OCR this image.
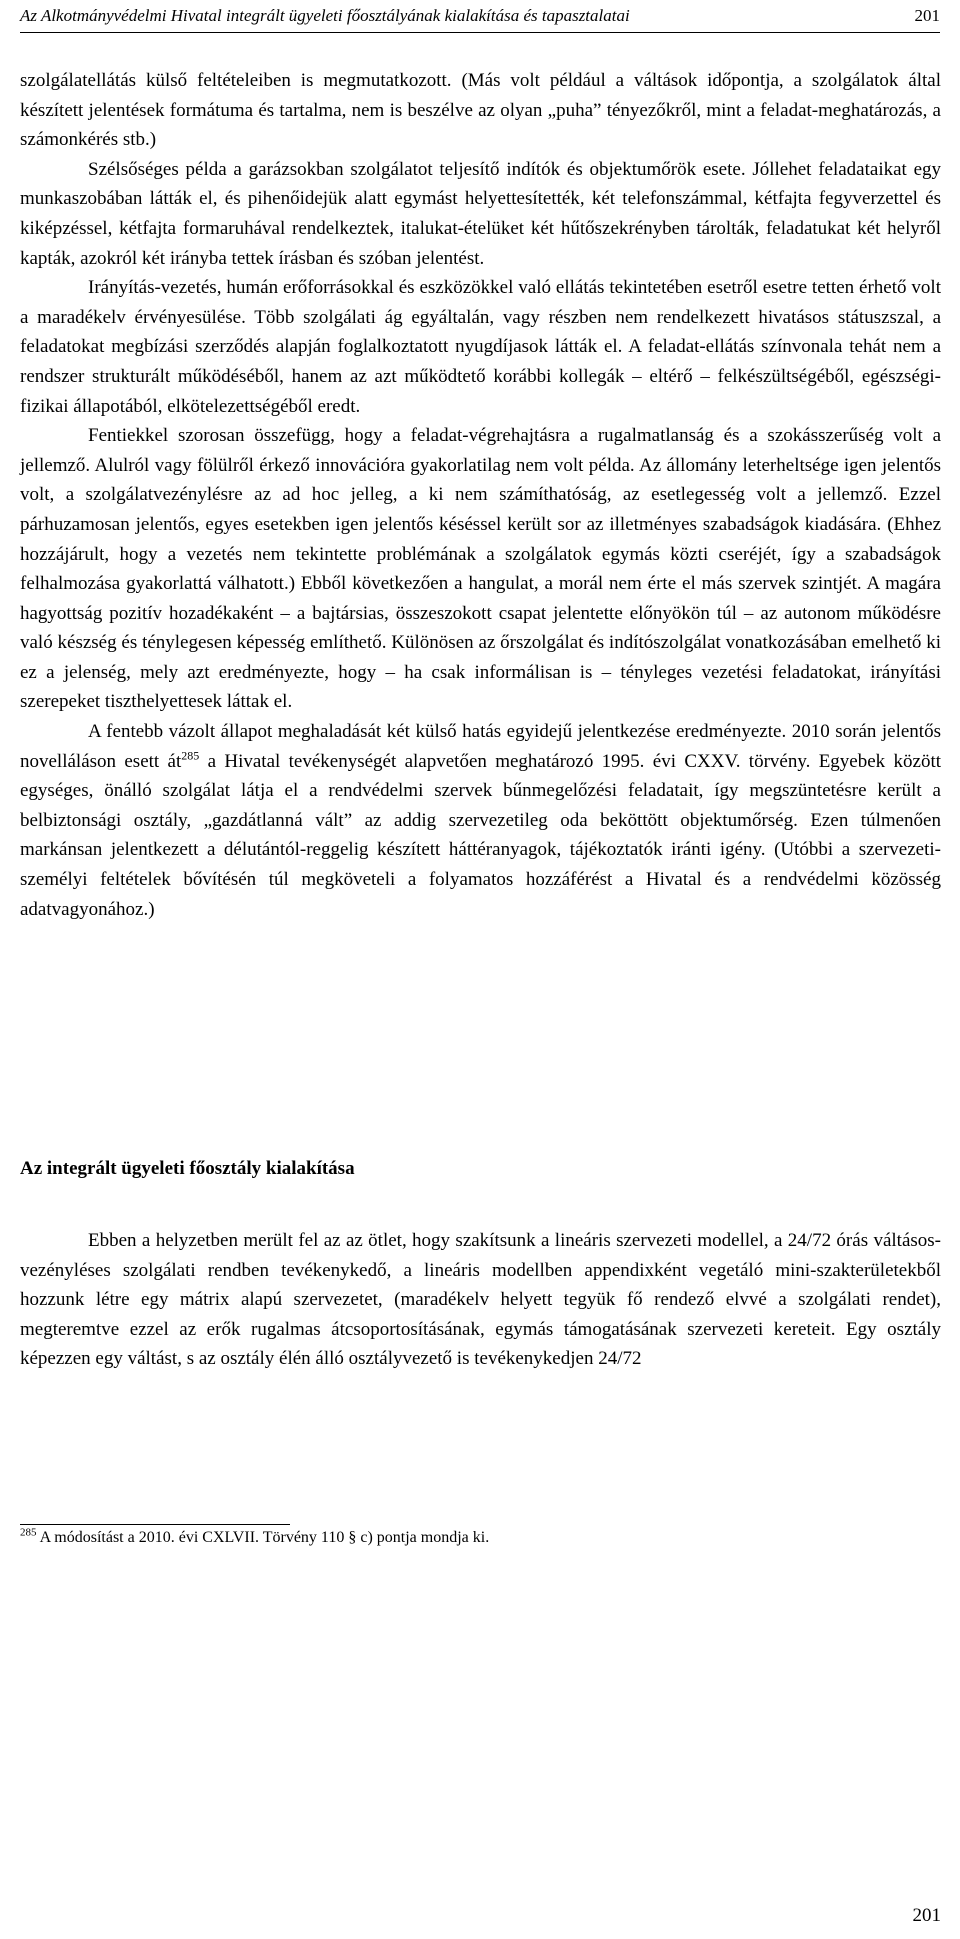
Az Alkotmányvédelmi Hivatal integrált ügyeleti főosztályának kialakítása és tapasztalatai	201

szolgálatellátás külső feltételeiben is megmutatkozott. (Más volt például a váltások időpontja, a szolgálatok által készített jelentések formátuma és tartalma, nem is beszélve az olyan „puha” tényezőkről, mint a feladat-meghatározás, a számonkérés stb.)

Szélsőséges példa a garázsokban szolgálatot teljesítő indítók és objektumőrök esete. Jóllehet feladataikat egy munkaszobában látták el, és pihenőidejük alatt egymást helyettesítették, két telefonszámmal, kétfajta fegyverzettel és kiképzéssel, kétfajta formaruhával rendelkeztek, italukat-ételüket két hűtőszekrényben tárolták, feladatukat két helyről kapták, azokról két irányba tettek írásban és szóban jelentést.

Irányítás-vezetés, humán erőforrásokkal és eszközökkel való ellátás tekintetében esetről esetre tetten érhető volt a maradékelv érvényesülése. Több szolgálati ág egyáltalán, vagy részben nem rendelkezett hivatásos státuszszal, a feladatokat megbízási szerződés alapján foglalkoztatott nyugdíjasok látták el. A feladat-ellátás színvonala tehát nem a rendszer strukturált működéséből, hanem az azt működtető korábbi kollegák – eltérő – felkészültségéből, egészségi-fizikai állapotából, elkötelezettségéből eredt.

Fentiekkel szorosan összefügg, hogy a feladat-végrehajtásra a rugalmatlanság és a szokásszerűség volt a jellemző. Alulról vagy fölülről érkező innovációra gyakorlatilag nem volt példa. Az állomány leterheltsége igen jelentős volt, a szolgálatvezénylésre az ad hoc jelleg, a ki nem számíthatóság, az esetlegesség volt a jellemző. Ezzel párhuzamosan jelentős, egyes esetekben igen jelentős késéssel került sor az illetményes szabadságok kiadására. (Ehhez hozzájárult, hogy a vezetés nem tekintette problémának a szolgálatok egymás közti cseréjét, így a szabadságok felhalmozása gyakorlattá válhatott.) Ebből következően a hangulat, a morál nem érte el más szervek szintjét. A magára hagyottság pozitív hozadékaként – a bajtársias, összeszokott csapat jelentette előnyökön túl – az autonom működésre való készség és ténylegesen képesség említhető. Különösen az őrszolgálat és indítószolgálat vonatkozásában emelhető ki ez a jelenség, mely azt eredményezte, hogy – ha csak informálisan is – tényleges vezetési feladatokat, irányítási szerepeket tiszthelyettesek láttak el.

A fentebb vázolt állapot meghaladását két külső hatás egyidejű jelentkezése eredményezte. 2010 során jelentős novelláláson esett $át^{285}$ a Hivatal tevékenységét alapvetően meghatározó 1995. évi CXXV. törvény. Egyebek között egységes, önálló szolgálat látja el a rendvédelmi szervek bűnmegelőzési feladatait, így megszüntetésre került a belbiztonsági osztály, „gazdátlanná vált” az addig szervezetileg oda beköttött objektumőrség. Ezen túlmenően markánsan jelentkezett a délutántól-reggelig készített háttéranyagok, tájékoztatók iránti igény. (Utóbbi a szervezeti-személyi feltételek bővítésén túl megköveteli a folyamatos hozzáférést a Hivatal és a rendvédelmi közösség adatvagyonához.)

Az integrált ügyeleti főosztály kialakítása

Ebben a helyzetben merült fel az az ötlet, hogy szakítsunk a lineáris szervezeti modellel, a 24/72 órás váltásos-vezényléses szolgálati rendben tevékenykedő, a lineáris modellben appendixként vegetáló mini-szakterületekből hozzunk létre egy mátrix alapú szervezetet, (maradékelv helyett tegyük fő rendező elvvé a szolgálati rendet), megteremtve ezzel az erők rugalmas átcsoportosításának, egymás támogatásának szervezeti kereteit. Egy osztály képezzen egy váltást, s az osztály élén álló osztályvezető is tevékenykedjen 24/72

$^{285}$ A módosítást a 2010. évi CXLVII. Törvény 110 § c) pontja mondja ki.
201
